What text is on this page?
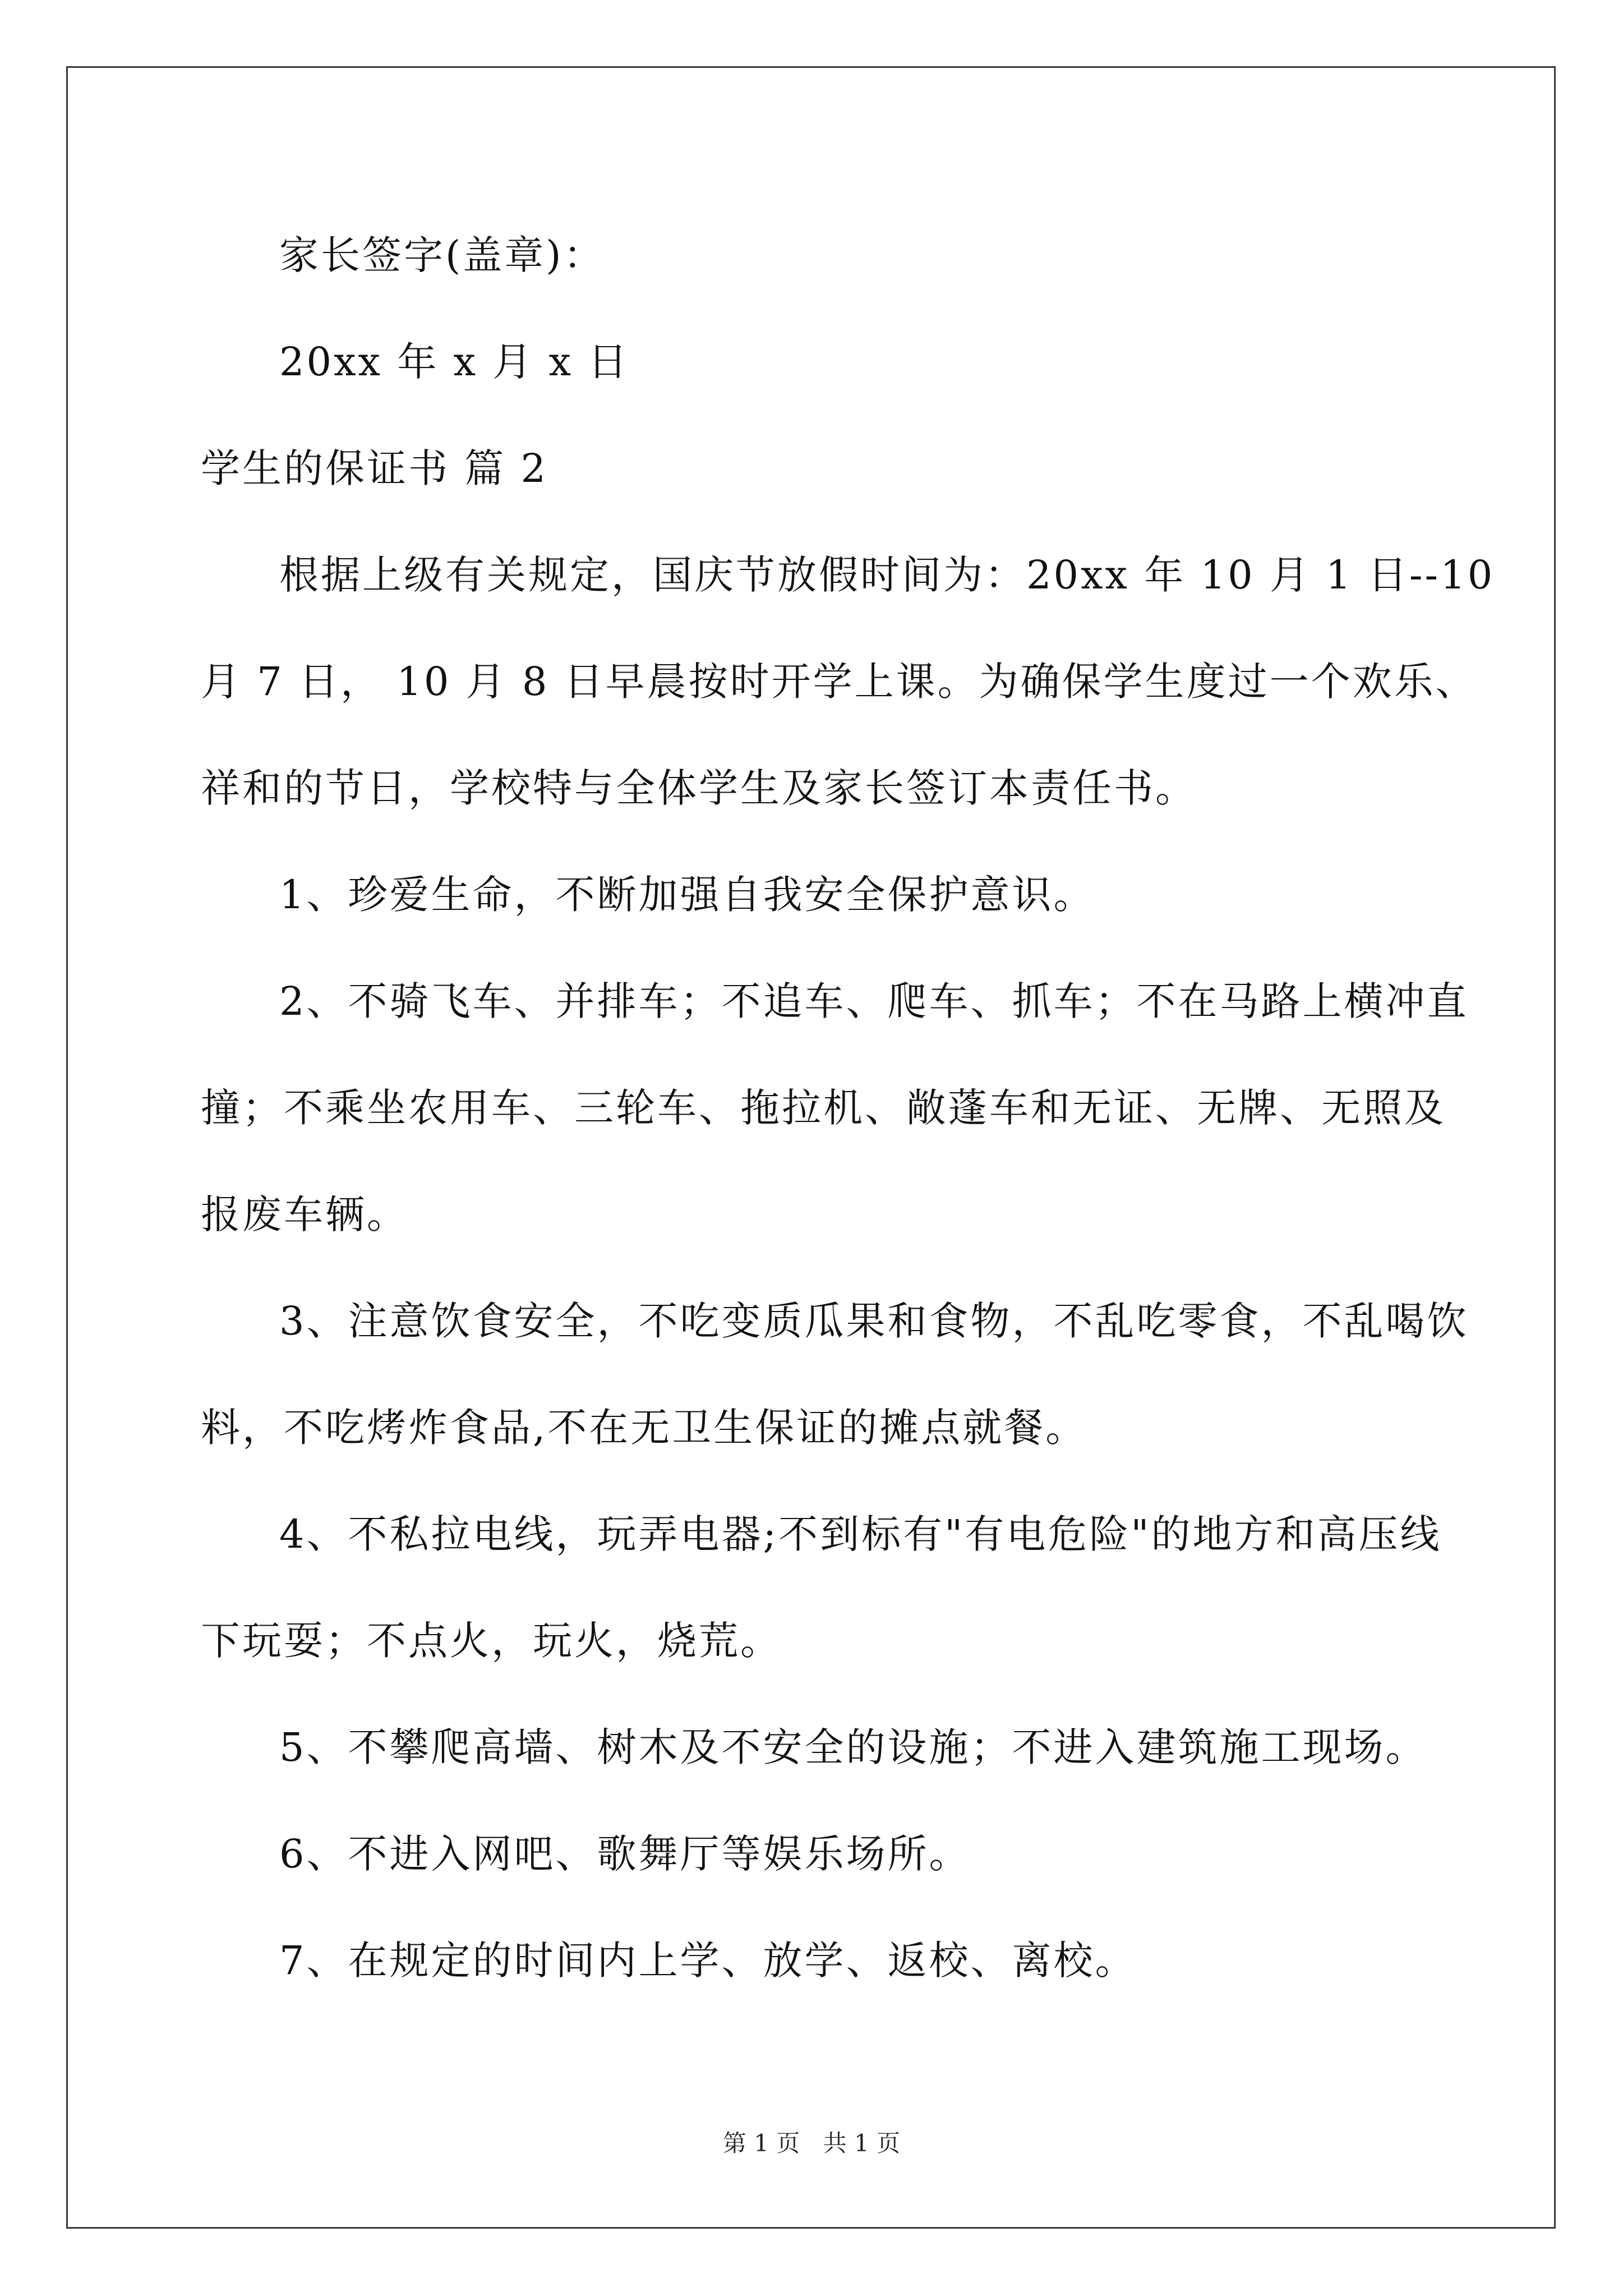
家长签字(盖章)：
20xx 年 x 月 x 日
学生的保证书 篇 2
根据上级有关规定，国庆节放假时间为：20xx 年 10 月 1 日--10
月 7 日， 10 月 8 日早晨按时开学上课。为确保学生度过一个欢乐、
祥和的节日，学校特与全体学生及家长签订本责任书。
1、珍爱生命，不断加强自我安全保护意识。
2、不骑飞车、并排车；不追车、爬车、抓车；不在马路上横冲直
撞；不乘坐农用车、三轮车、拖拉机、敞蓬车和无证、无牌、无照及
报废车辆。
3、注意饮食安全，不吃变质瓜果和食物，不乱吃零食，不乱喝饮
料，不吃烤炸食品,不在无卫生保证的摊点就餐。
4、不私拉电线，玩弄电器;不到标有"有电危险"的地方和高压线
下玩耍；不点火，玩火，烧荒。
5、不攀爬高墙、树木及不安全的设施；不进入建筑施工现场。
6、不进入网吧、歌舞厅等娱乐场所。
7、在规定的时间内上学、放学、返校、离校。
第 1 页 共 1 页
